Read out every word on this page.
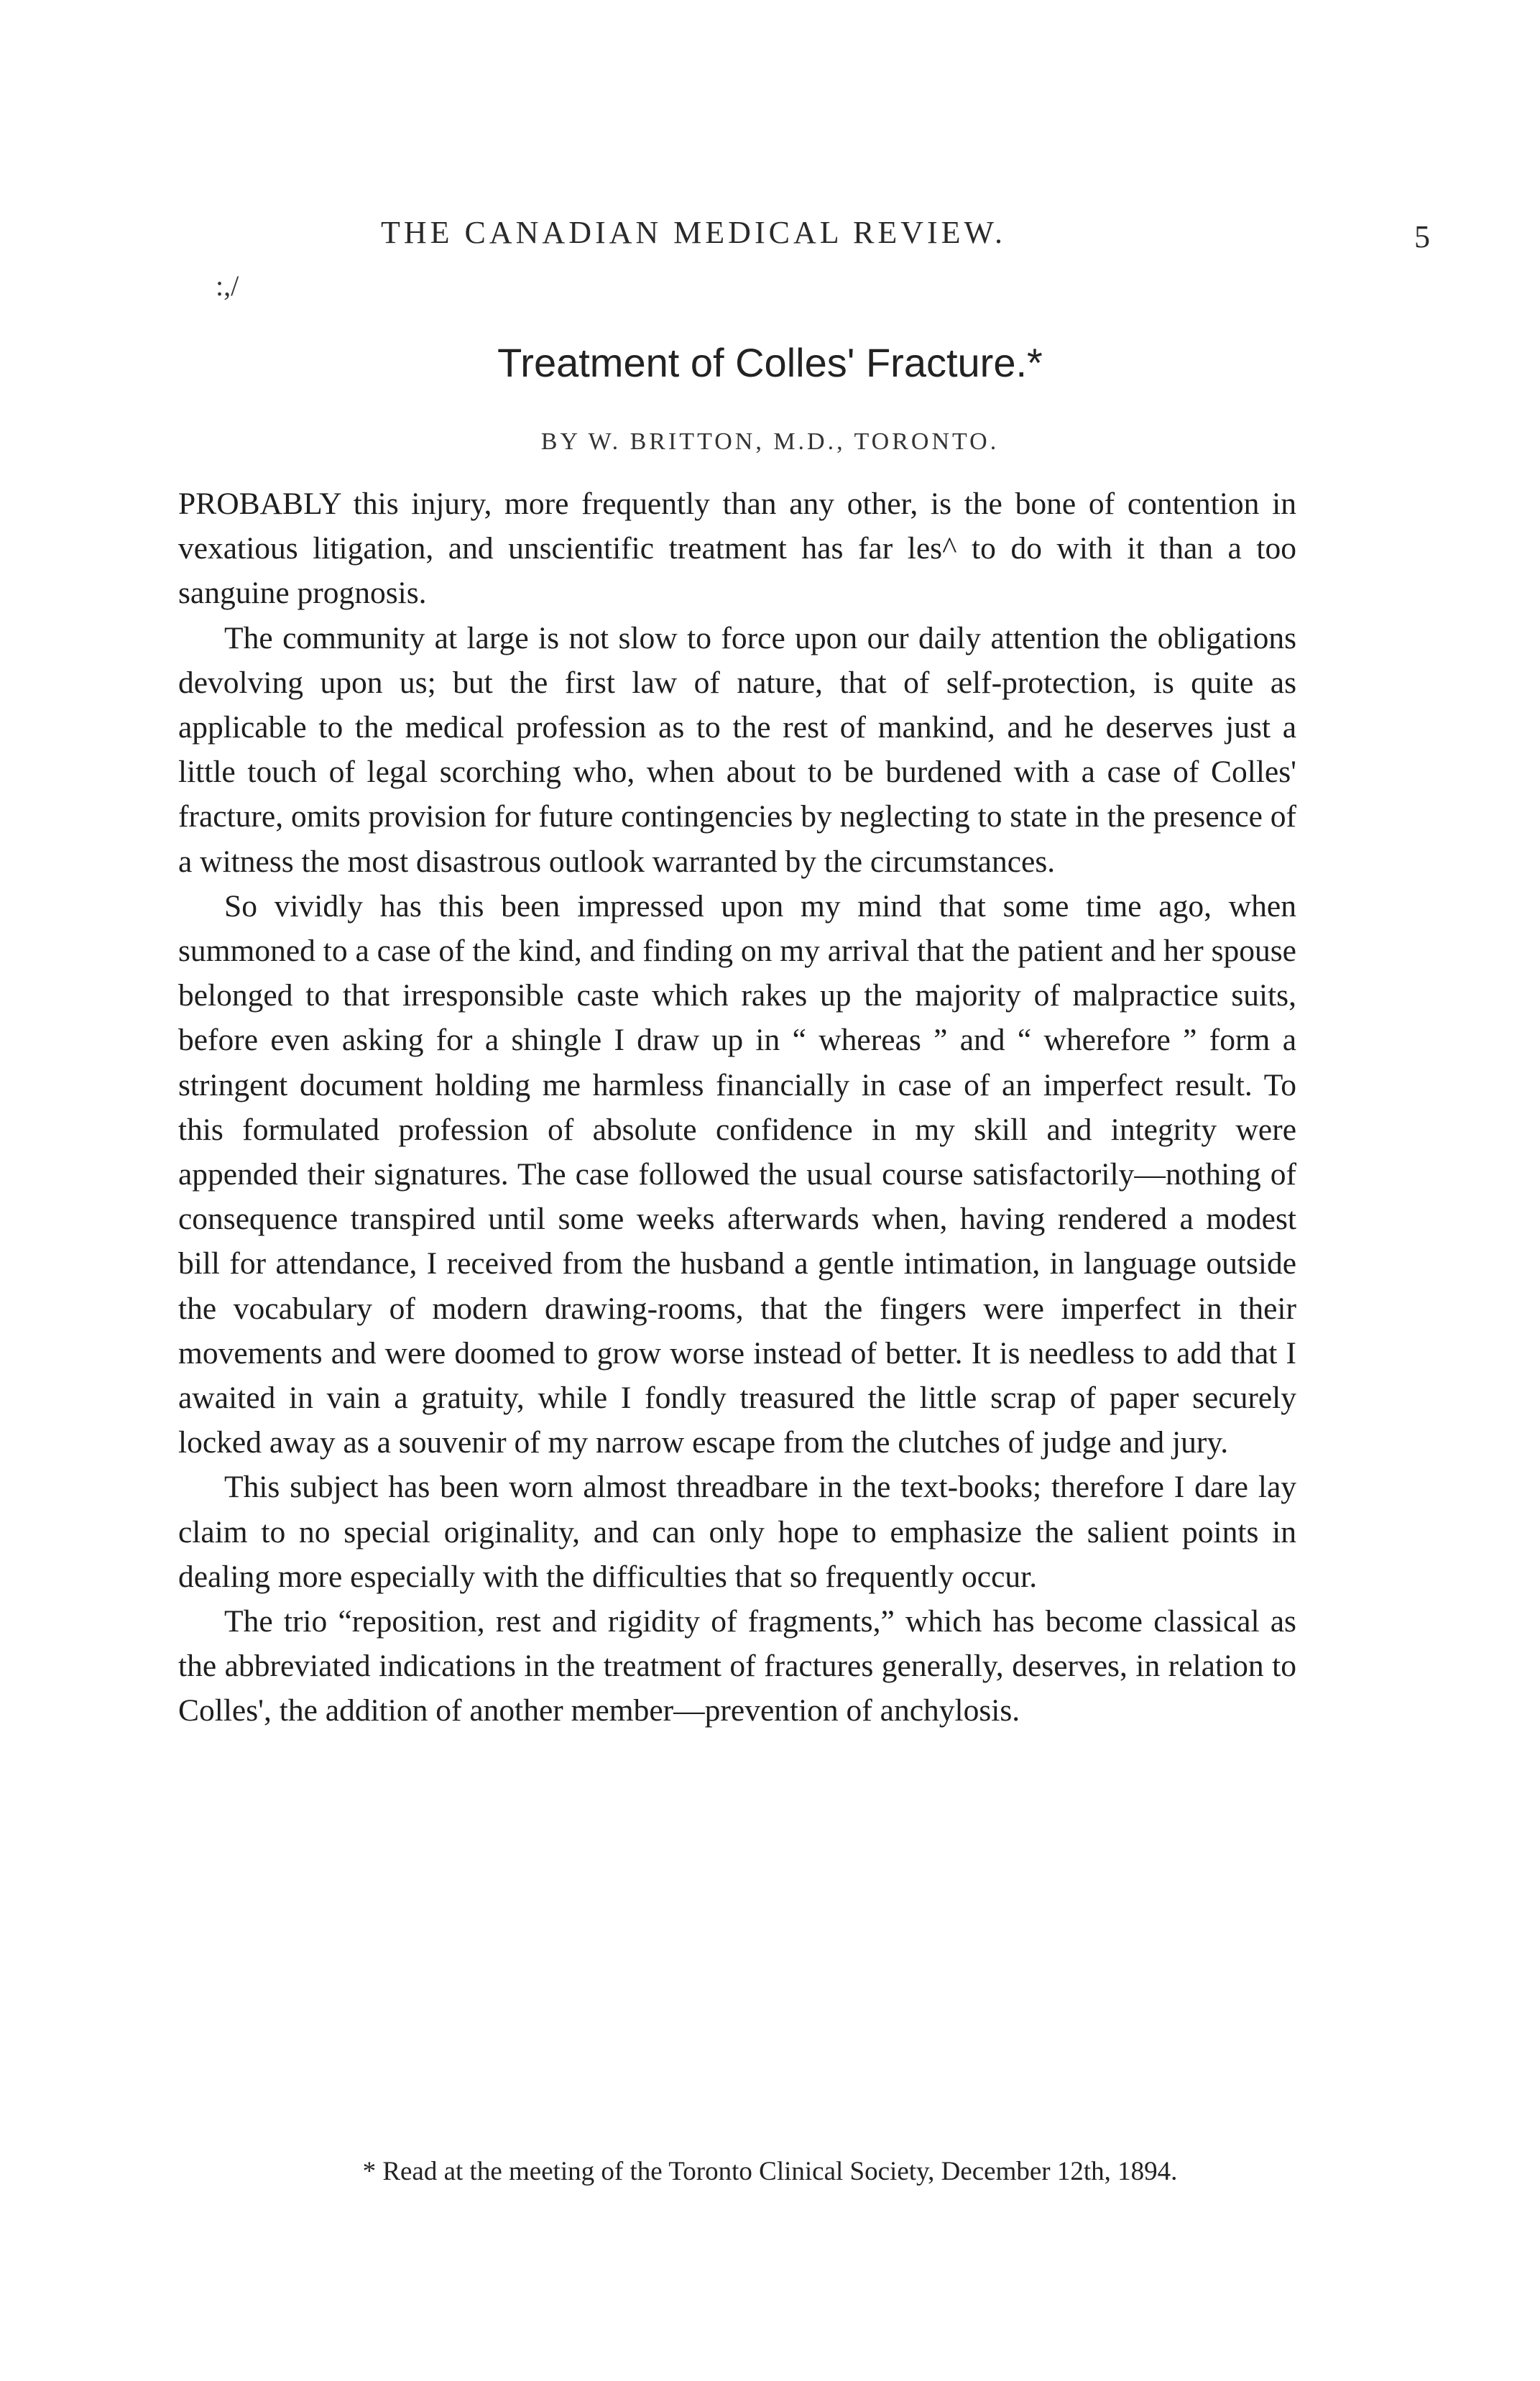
THE CANADIAN MEDICAL REVIEW.	5
:,/
Treatment of Colles' Fracture.*
BY W. BRITTON, M.D., TORONTO.

PROBABLY this injury, more frequently than any other, is the bone of contention in vexatious litigation, and unscientific treatment has far les^ to do with it than a too sanguine prognosis.

The community at large is not slow to force upon our daily attention the obligations devolving upon us; but the first law of nature, that of self-protection, is quite as applicable to the medical profession as to the rest of mankind, and he deserves just a little touch of legal scorching who, when about to be burdened with a case of Colles' fracture, omits provision for future contingencies by neglecting to state in the presence of a witness the most disastrous outlook warranted by the circumstances.

So vividly has this been impressed upon my mind that some time ago, when summoned to a case of the kind, and finding on my arrival that the patient and her spouse belonged to that irresponsible caste which rakes up the majority of malpractice suits, before even asking for a shingle I draw up in “ whereas ” and “ wherefore ” form a stringent document holding me harmless financially in case of an imperfect result. To this formulated profession of absolute confidence in my skill and integrity were appended their signatures. The case followed the usual course satisfactorily—nothing of consequence transpired until some weeks afterwards when, having rendered a modest bill for attendance, I received from the husband a gentle intimation, in language outside the vocabulary of modern drawing-rooms, that the fingers were imperfect in their movements and were doomed to grow worse instead of better. It is needless to add that I awaited in vain a gratuity, while I fondly treasured the little scrap of paper securely locked away as a souvenir of my narrow escape from the clutches of judge and jury.

This subject has been worn almost threadbare in the text-books; therefore I dare lay claim to no special originality, and can only hope to emphasize the salient points in dealing more especially with the difficulties that so frequently occur.

The trio “reposition, rest and rigidity of fragments,” which has become classical as the abbreviated indications in the treatment of fractures generally, deserves, in relation to Colles', the addition of another member—prevention of anchylosis.

* Read at the meeting of the Toronto Clinical Society, December 12th, 1894.
